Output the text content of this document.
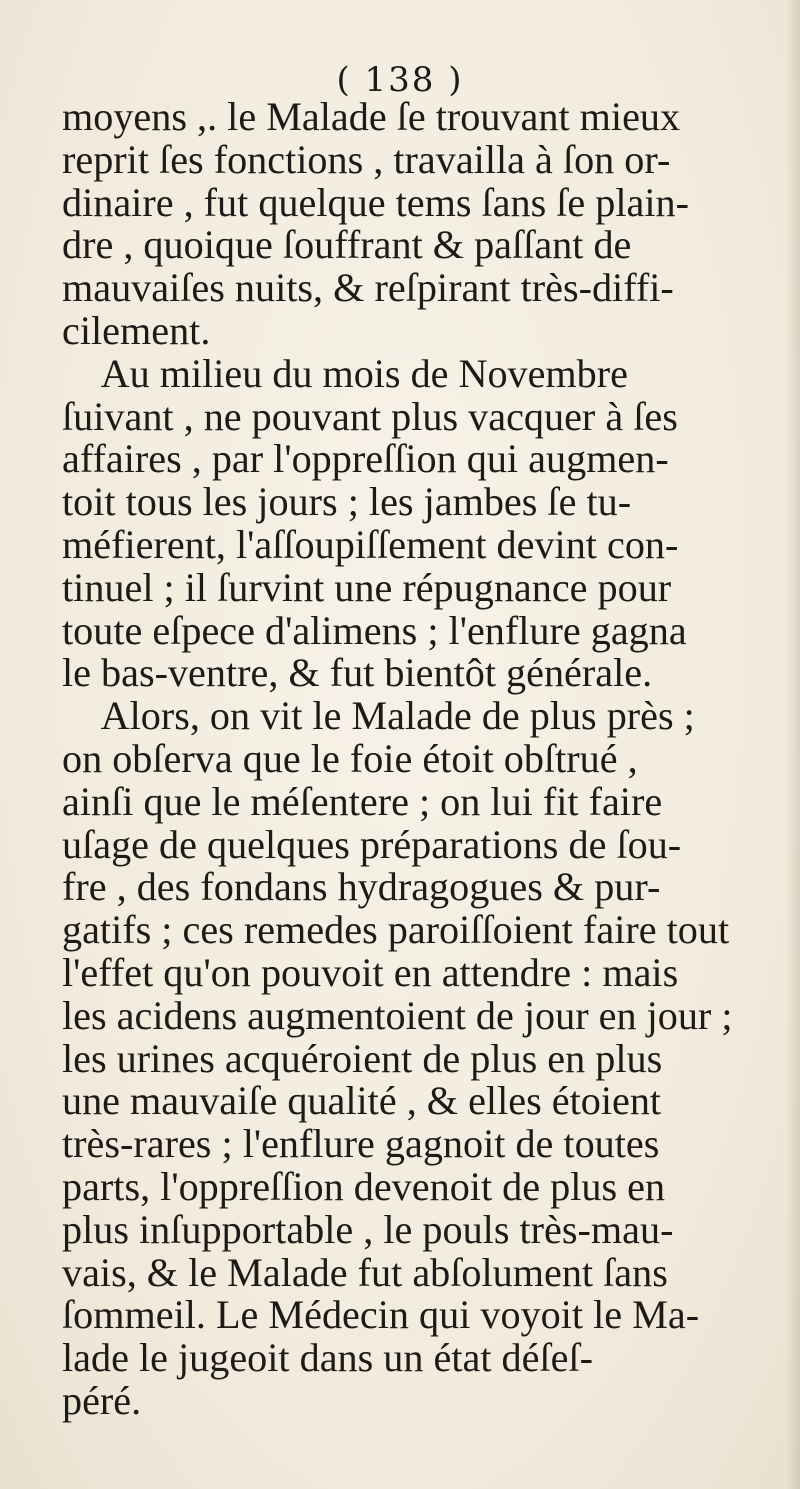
( 138 )
moyens ,. le Malade ſe trouvant mieux
reprit ſes fonctions , travailla à ſon or-
dinaire , fut quelque tems ſans ſe plain-
dre , quoique ſouffrant & paſſant de
mauvaiſes nuits, & reſpirant très-diffi-
cilement.
Au milieu du mois de Novembre
ſuivant , ne pouvant plus vacquer à ſes
affaires , par l'oppreſſion qui augmen-
toit tous les jours ; les jambes ſe tu-
méfierent, l'aſſoupiſſement devint con-
tinuel ; il ſurvint une répugnance pour
toute eſpece d'alimens ; l'enflure gagna
le bas-ventre, & fut bientôt générale.
Alors, on vit le Malade de plus près ;
on obſerva que le foie étoit obſtrué ,
ainſi que le méſentere ; on lui fit faire
uſage de quelques préparations de ſou-
fre , des fondans hydragogues & pur-
gatifs ; ces remedes paroiſſoient faire tout
l'effet qu'on pouvoit en attendre : mais
les acidens augmentoient de jour en jour ;
les urines acquéroient de plus en plus
une mauvaiſe qualité , & elles étoient
très-rares ; l'enflure gagnoit de toutes
parts, l'oppreſſion devenoit de plus en
plus inſupportable , le pouls très-mau-
vais, & le Malade fut abſolument ſans
ſommeil. Le Médecin qui voyoit le Ma-
lade le jugeoit dans un état déſeſ-
péré.
